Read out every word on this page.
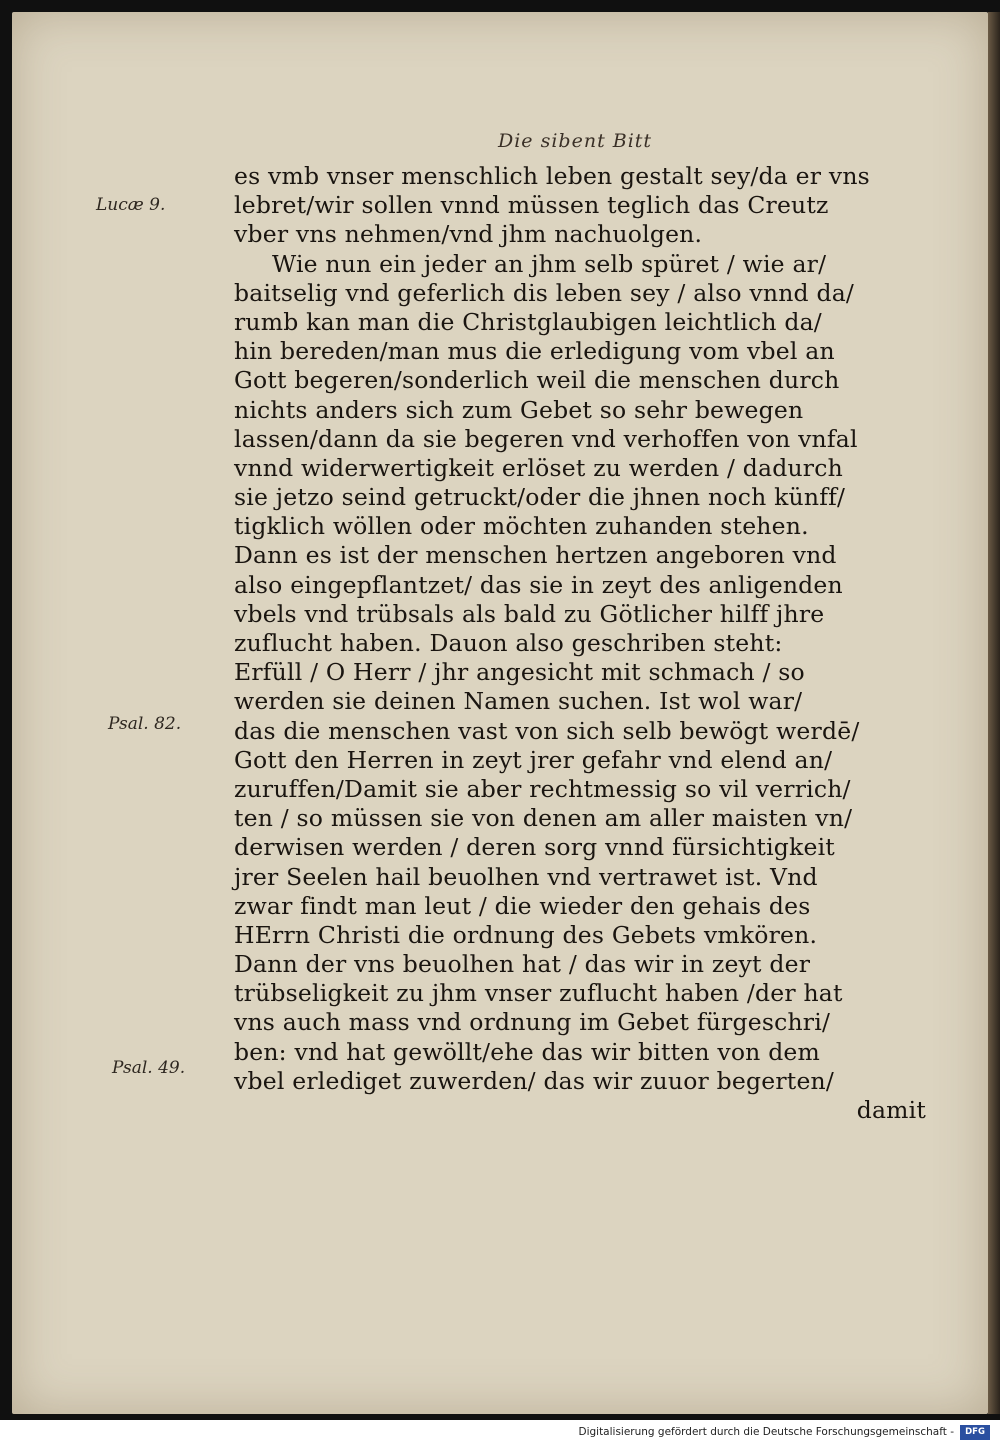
Die sibent Bitt
Lucæ 9.
Psal. 82.
Psal. 49.
es vmb vnser menschlich leben gestalt sey/da er vns
lebret/wir sollen vnnd müssen teglich das Creutz
vber vns nehmen/vnd jhm nachuolgen.
Wie nun ein jeder an jhm selb spüret / wie ar/
baitselig vnd geferlich dis leben sey / also vnnd da/
rumb kan man die Christglaubigen leichtlich da/
hin bereden/man mus die erledigung vom vbel an
Gott begeren/sonderlich weil die menschen durch
nichts anders sich zum Gebet so sehr bewegen
lassen/dann da sie begeren vnd verhoffen von vnfal
vnnd widerwertigkeit erlöset zu werden / dadurch
sie jetzo seind getruckt/oder die jhnen noch künff/
tigklich wöllen oder möchten zuhanden stehen.
Dann es ist der menschen hertzen angeboren vnd
also eingepflantzet/ das sie in zeyt des anligenden
vbels vnd trübsals als bald zu Götlicher hilff jhre
zuflucht haben. Dauon also geschriben steht:
Erfüll / O Herr / jhr angesicht mit schmach / so
werden sie deinen Namen suchen. Ist wol war/
das die menschen vast von sich selb bewögt werdē/
Gott den Herren in zeyt jrer gefahr vnd elend an/
zuruffen/Damit sie aber rechtmessig so vil verrich/
ten / so müssen sie von denen am aller maisten vn/
derwisen werden / deren sorg vnnd fürsichtigkeit
jrer Seelen hail beuolhen vnd vertrawet ist. Vnd
zwar findt man leut / die wieder den gehais des
HErrn Christi die ordnung des Gebets vmkören.
Dann der vns beuolhen hat / das wir in zeyt der
trübseligkeit zu jhm vnser zuflucht haben /der hat
vns auch mass vnd ordnung im Gebet fürgeschri/
ben: vnd hat gewöllt/ehe das wir bitten von dem
vbel erlediget zuwerden/ das wir zuuor begerten/
damit
Digitalisierung gefördert durch die Deutsche Forschungsgemeinschaft -	DFG
